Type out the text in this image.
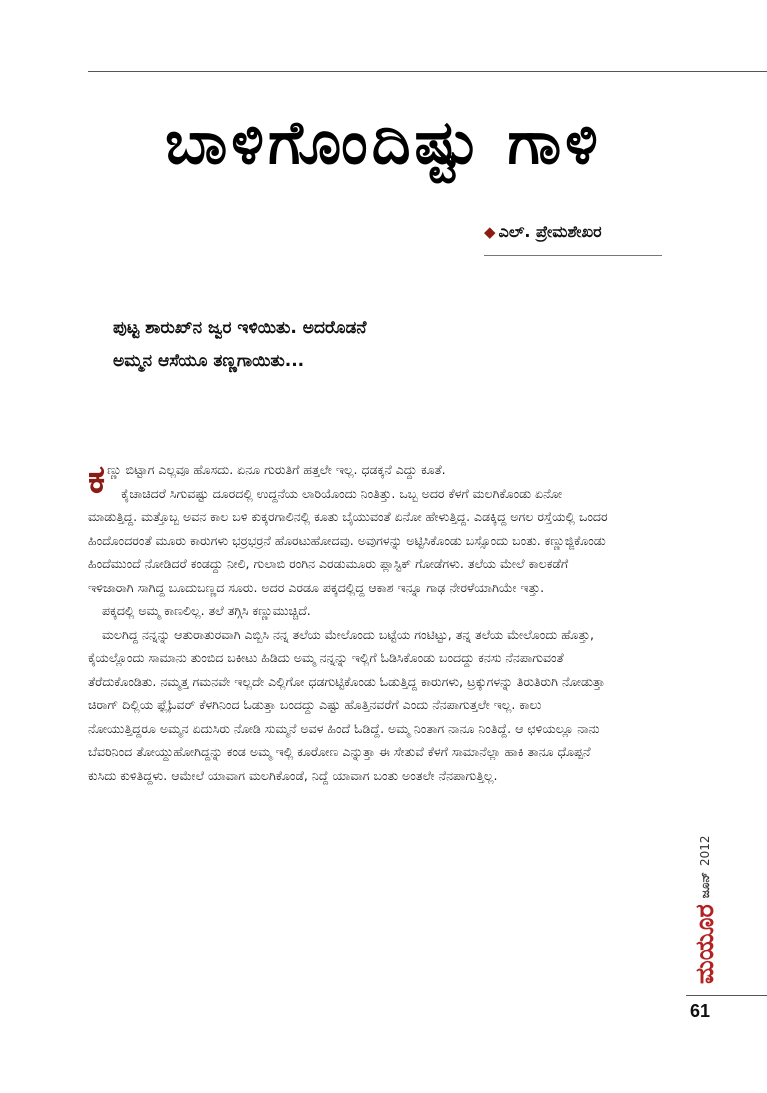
ಬಾಳಿಗೊಂದಿಷ್ಟು ಗಾಳಿ
◆ ಎಲ್. ಪ್ರೇಮಶೇಖರ
ಪುಟ್ಟ ಶಾರುಖ್‌ನ ಜ್ವರ ಇಳಿಯಿತು. ಅದರೊಡನೆ
ಅಮ್ಮನ ಆಸೆಯೂ ತಣ್ಣಗಾಯಿತು...

ಕಣ್ಣು ಬಿಟ್ಟಾಗ ಎಲ್ಲವೂ ಹೊಸದು. ಏನೂ ಗುರುತಿಗೆ ಹತ್ತಲೇ ಇಲ್ಲ. ಧಡಕ್ಕನೆ ಎದ್ದು ಕೂತೆ.

ಕೈಚಾಚಿದರೆ ಸಿಗುವಷ್ಟು ದೂರದಲ್ಲಿ ಉದ್ದನೆಯ ಲಾರಿಯೊಂದು ನಿಂತಿತ್ತು. ಒಬ್ಬ ಅದರ ಕೆಳಗೆ ಮಲಗಿಕೊಂಡು ಏನೋ ಮಾಡುತ್ತಿದ್ದ. ಮತ್ತೊಬ್ಬ ಅವನ ಕಾಲ ಬಳಿ ಕುಕ್ಕರಗಾಲಿನಲ್ಲಿ ಕೂತು ಬೈಯುವಂತೆ ಏನೋ ಹೇಳುತ್ತಿದ್ದ. ಎಡಕ್ಕಿದ್ದ ಅಗಲ ರಸ್ತೆಯಲ್ಲಿ ಒಂದರ ಹಿಂದೊಂದರಂತೆ ಮೂರು ಕಾರುಗಳು ಭರ್ರಭರ್ರನೆ ಹೊರಟುಹೋದವು. ಅವುಗಳನ್ನು ಅಟ್ಟಿಸಿಕೊಂಡು ಬಸ್ಸೊಂದು ಬಂತು. ಕಣ್ಣುಜ್ಜಿಕೊಂಡು ಹಿಂದೆಮುಂದೆ ನೋಡಿದರೆ ಕಂಡದ್ದು ನೀಲಿ, ಗುಲಾಬಿ ರಂಗಿನ ಎರಡುಮೂರು ಪ್ಲಾಸ್ಟಿಕ್ ಗೋಡೆಗಳು. ತಲೆಯ ಮೇಲೆ ಕಾಲಕಡೆಗೆ ಇಳಿಜಾರಾಗಿ ಸಾಗಿದ್ದ ಬೂದುಬಣ್ಣದ ಸೂರು. ಅದರ ಎರಡೂ ಪಕ್ಕದಲ್ಲಿದ್ದ ಆಕಾಶ ಇನ್ನೂ ಗಾಢ ನೇರಳೆಯಾಗಿಯೇ ಇತ್ತು.

ಪಕ್ಕದಲ್ಲಿ ಅಮ್ಮ ಕಾಣಲಿಲ್ಲ. ತಲೆ ತಗ್ಗಿಸಿ ಕಣ್ಣುಮುಚ್ಚಿದೆ.

ಮಲಗಿದ್ದ ನನ್ನನ್ನು ಆತುರಾತುರವಾಗಿ ಎಬ್ಬಿಸಿ ನನ್ನ ತಲೆಯ ಮೇಲೊಂದು ಬಟ್ಟೆಯ ಗಂಟಿಟ್ಟು, ತನ್ನ ತಲೆಯ ಮೇಲೊಂದು ಹೊತ್ತು, ಕೈಯಲ್ಲೊಂದು ಸಾಮಾನು ತುಂಬಿದ ಬಕೀಟು ಹಿಡಿದು ಅಮ್ಮ ನನ್ನನ್ನು ಇಲ್ಲಿಗೆ ಓಡಿಸಿಕೊಂಡು ಬಂದದ್ದು ಕನಸು ನೆನಪಾಗುವಂತೆ ತೆರೆದುಕೊಂಡಿತು. ನಮ್ಮತ್ತ ಗಮನವೇ ಇಲ್ಲದೇ ಎಲ್ಲಿಗೋ ಧಡಗುಟ್ಟಿಕೊಂಡು ಓಡುತ್ತಿದ್ದ ಕಾರುಗಳು, ಟ್ರಕ್ಕುಗಳನ್ನು ತಿರುತಿರುಗಿ ನೋಡುತ್ತಾ ಚಿರಾಗ್ ದಿಲ್ಲಿಯ ಫ್ಲೈಓವರ್ ಕೆಳಗಿನಿಂದ ಓಡುತ್ತಾ ಬಂದದ್ದು ಎಷ್ಟು ಹೊತ್ತಿನವರೆಗೆ ಎಂದು ನೆನಪಾಗುತ್ತಲೇ ಇಲ್ಲ. ಕಾಲು ನೋಯುತ್ತಿದ್ದರೂ ಅಮ್ಮನ ಏದುಸಿರು ನೋಡಿ ಸುಮ್ಮನೆ ಅವಳ ಹಿಂದೆ ಓಡಿದ್ದೆ. ಅಮ್ಮ ನಿಂತಾಗ ನಾನೂ ನಿಂತಿದ್ದೆ. ಆ ಛಳಿಯಲ್ಲೂ ನಾನು ಬೆವರಿನಿಂದ ತೋಯ್ದುಹೋಗಿದ್ದನ್ನು ಕಂಡ ಅಮ್ಮ ಇಲ್ಲಿ ಕೂರೋಣ ಎನ್ನುತ್ತಾ ಈ ಸೇತುವೆ ಕೆಳಗೆ ಸಾಮಾನೆಲ್ಲಾ ಹಾಕಿ ತಾನೂ ಧೊಪ್ಪನೆ ಕುಸಿದು ಕುಳಿತಿದ್ದಳು. ಆಮೇಲೆ ಯಾವಾಗ ಮಲಗಿಕೊಂಡೆ, ನಿದ್ದೆ ಯಾವಾಗ ಬಂತು ಅಂತಲೇ ನೆನಪಾಗುತ್ತಿಲ್ಲ.

ಮಯೂರ
ಜೂನ್
2012
61
